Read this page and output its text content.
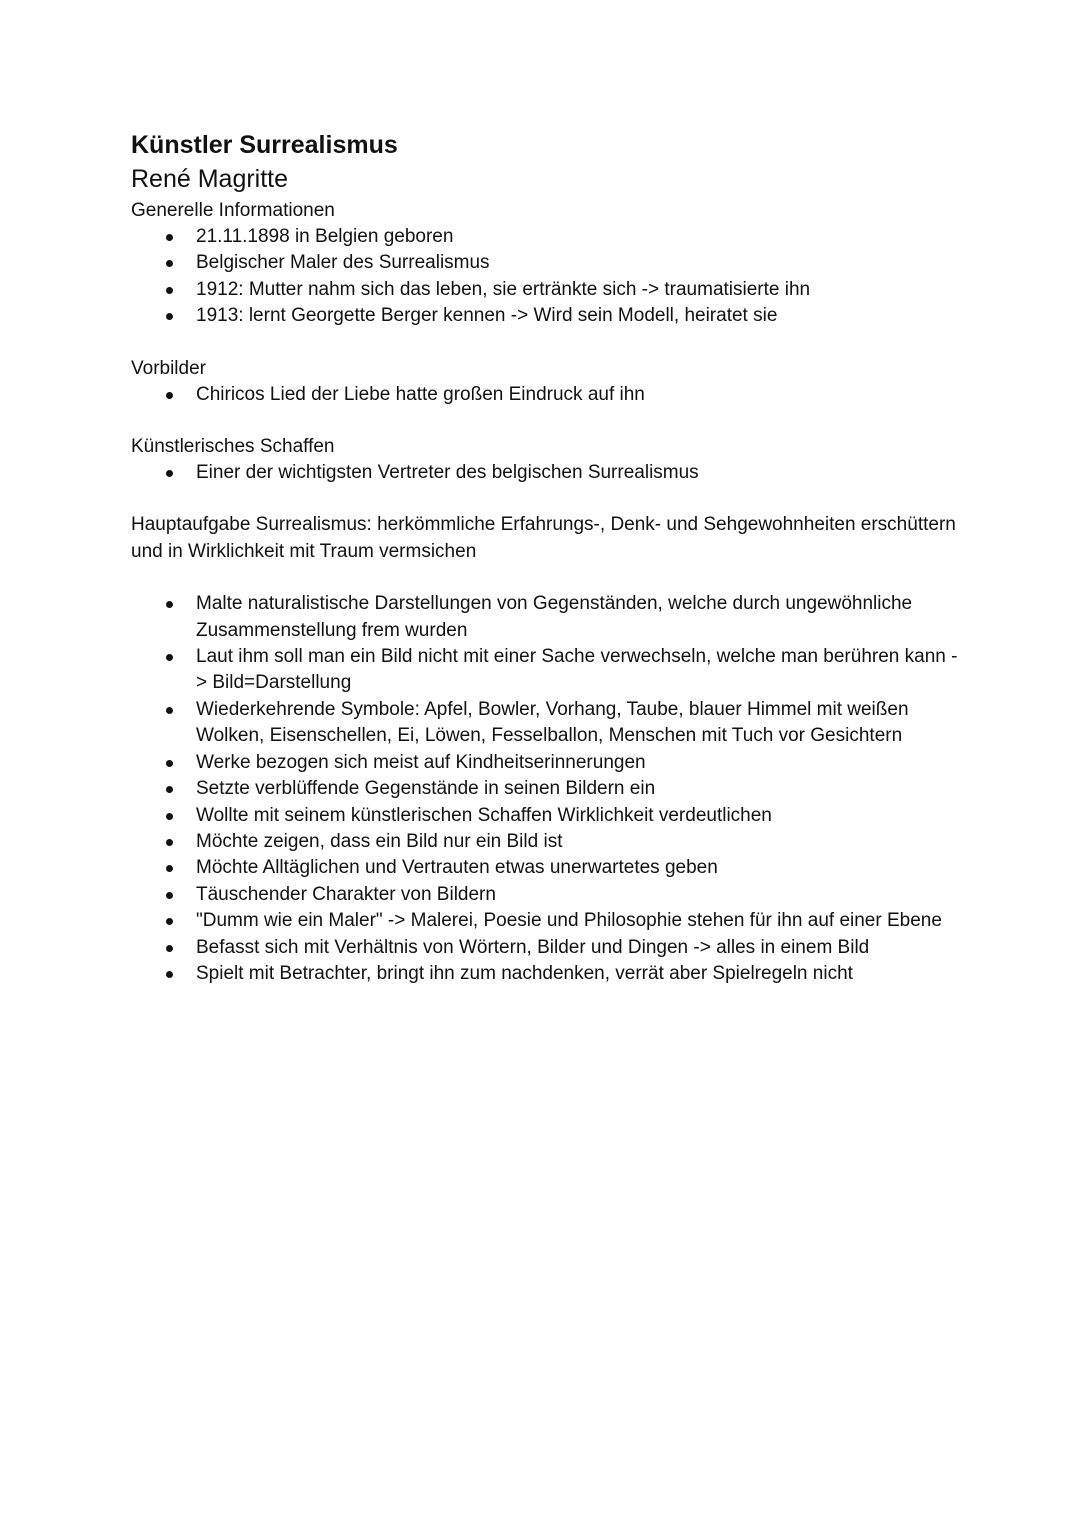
Künstler Surrealismus
René Magritte

Generelle Informationen

21.11.1898 in Belgien geboren
Belgischer Maler des Surrealismus
1912: Mutter nahm sich das leben, sie ertränkte sich -> traumatisierte ihn
1913: lernt Georgette Berger kennen -> Wird sein Modell, heiratet sie

Vorbilder

Chiricos Lied der Liebe hatte großen Eindruck auf ihn

Künstlerisches Schaffen

Einer der wichtigsten Vertreter des belgischen Surrealismus

Hauptaufgabe Surrealismus: herkömmliche Erfahrungs-, Denk- und Sehgewohnheiten erschüttern und in Wirklichkeit mit Traum vermsichen

Malte naturalistische Darstellungen von Gegenständen, welche durch ungewöhnliche Zusammenstellung frem wurden
Laut ihm soll man ein Bild nicht mit einer Sache verwechseln, welche man berühren kann -> Bild=Darstellung
Wiederkehrende Symbole: Apfel, Bowler, Vorhang, Taube, blauer Himmel mit weißen Wolken, Eisenschellen, Ei, Löwen, Fesselballon, Menschen mit Tuch vor Gesichtern
Werke bezogen sich meist auf Kindheitserinnerungen
Setzte verblüffende Gegenstände in seinen Bildern ein
Wollte mit seinem künstlerischen Schaffen Wirklichkeit verdeutlichen
Möchte zeigen, dass ein Bild nur ein Bild ist
Möchte Alltäglichen und Vertrauten etwas unerwartetes geben
Täuschender Charakter von Bildern
"Dumm wie ein Maler" -> Malerei, Poesie und Philosophie stehen für ihn auf einer Ebene
Befasst sich mit Verhältnis von Wörtern, Bilder und Dingen -> alles in einem Bild
Spielt mit Betrachter, bringt ihn zum nachdenken, verrät aber Spielregeln nicht
